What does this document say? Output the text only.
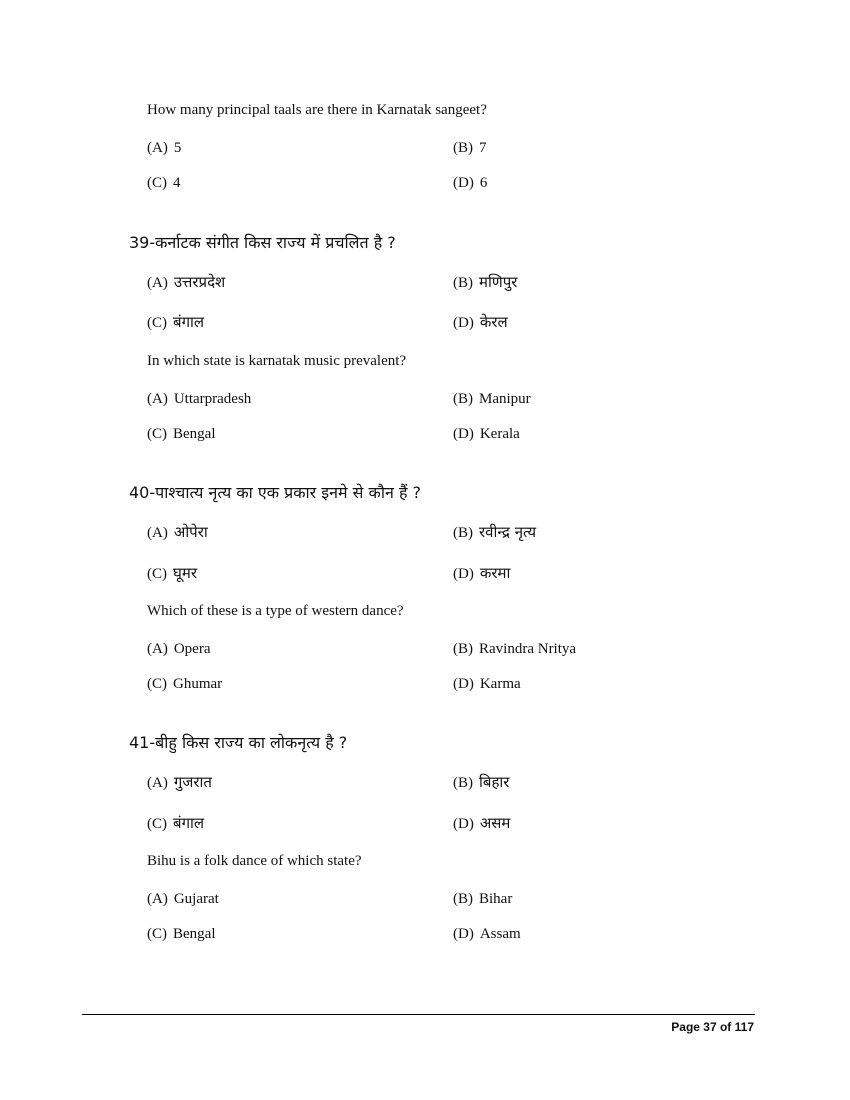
How many principal taals are there in Karnatak sangeet?
(A) 5	(B) 7
(C) 4	(D) 6
39-कर्नाटक संगीत किस राज्य में प्रचलित है ?
(A) उत्तरप्रदेश	(B) मणिपुर
(C) बंगाल	(D) केरल
In which state is karnatak music prevalent?
(A) Uttarpradesh	(B) Manipur
(C) Bengal	(D) Kerala
40-पाश्चात्य नृत्य का एक प्रकार इनमे से कौन हैं ?
(A) ओपेरा	(B) रवीन्द्र नृत्य
(C) घूमर	(D) करमा
Which of these is a type of western dance?
(A) Opera	(B) Ravindra Nritya
(C) Ghumar	(D) Karma
41-बीहु किस राज्य का लोकनृत्य है ?
(A) गुजरात	(B) बिहार
(C) बंगाल	(D) असम
Bihu is a folk dance of which state?
(A) Gujarat	(B) Bihar
(C) Bengal	(D) Assam
Page 37 of 117
